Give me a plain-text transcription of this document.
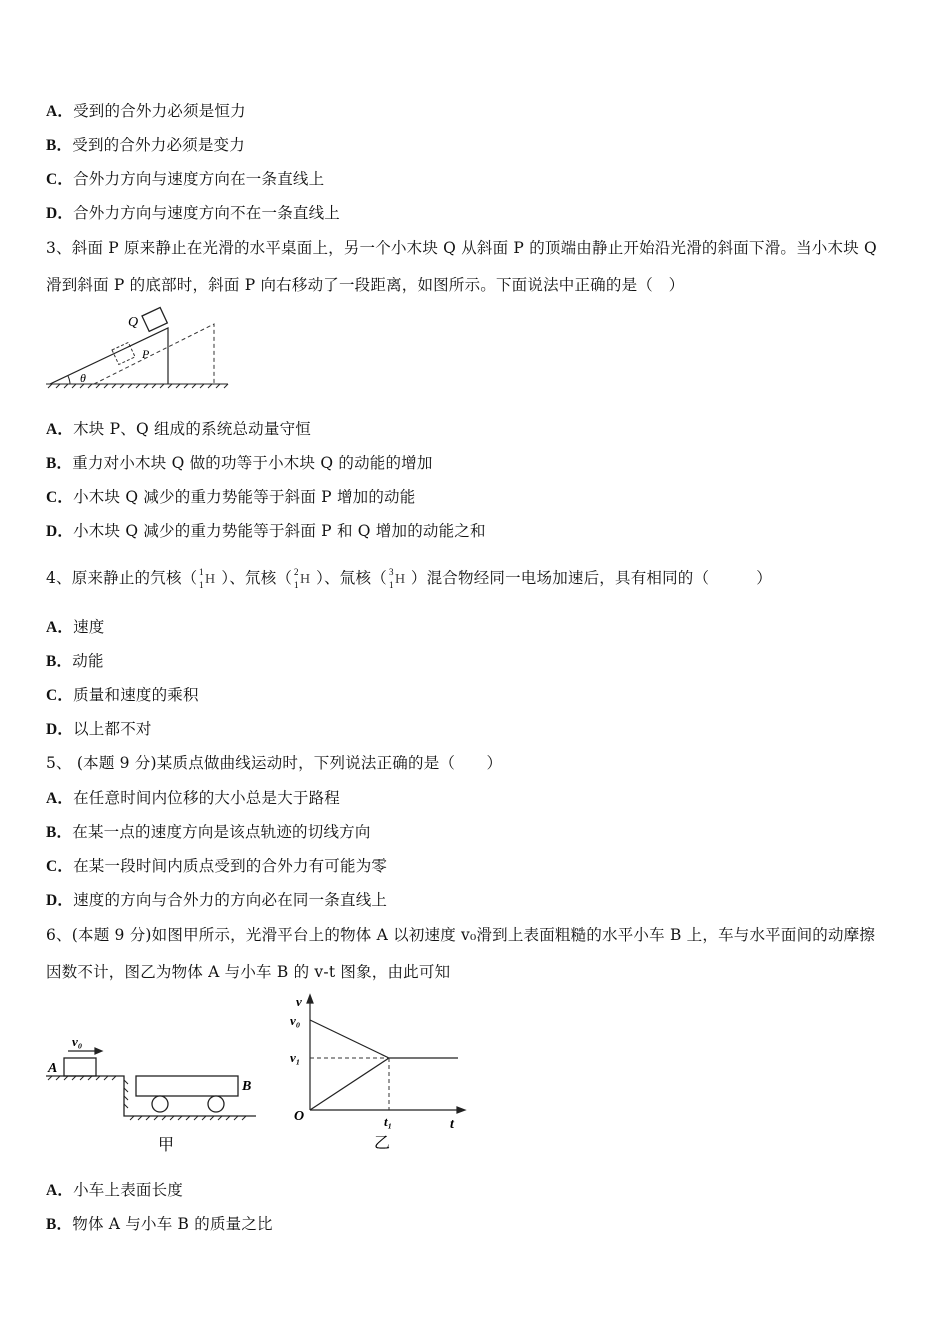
A．受到的合外力必须是恒力
B．受到的合外力必须是变力
C．合外力方向与速度方向在一条直线上
D．合外力方向与速度方向不在一条直线上
3、斜面 P 原来静止在光滑的水平桌面上，另一个小木块 Q 从斜面 P 的顶端由静止开始沿光滑的斜面下滑。当小木块 Q
滑到斜面 P 的底部时，斜面 P 向右移动了一段距离，如图所示。下面说法中正确的是（　）
Q
P
θ
A．木块 P、Q 组成的系统总动量守恒
B．重力对小木块 Q 做的功等于小木块 Q 的动能的增加
C．小木块 Q 减少的重力势能等于斜面 P 增加的动能
D．小木块 Q 减少的重力势能等于斜面 P 和 Q 增加的动能之和
4、原来静止的氕核（ 1
1 H ）、氘核（ 2
1 H ）、氚核（ 3
1 H ）混合物经同一电场加速后，具有相同的（　　　）
A．速度
B．动能
C．质量和速度的乘积
D．以上都不对
5、 (本题 9 分)某质点做曲线运动时，下列说法正确的是（　　）
A．在任意时间内位移的大小总是大于路程
B．在某一点的速度方向是该点轨迹的切线方向
C．在某一段时间内质点受到的合外力有可能为零
D．速度的方向与合外力的方向必在同一条直线上
6、(本题 9 分)如图甲所示，光滑平台上的物体 A 以初速度 v₀滑到上表面粗糙的水平小车 B 上，车与水平面间的动摩擦
因数不计，图乙为物体 A 与小车 B 的 v-t 图象，由此可知
v₀
A
B
甲
v
v₀
v₁
O	t₁	t
乙
A．小车上表面长度
B．物体 A 与小车 B 的质量之比
